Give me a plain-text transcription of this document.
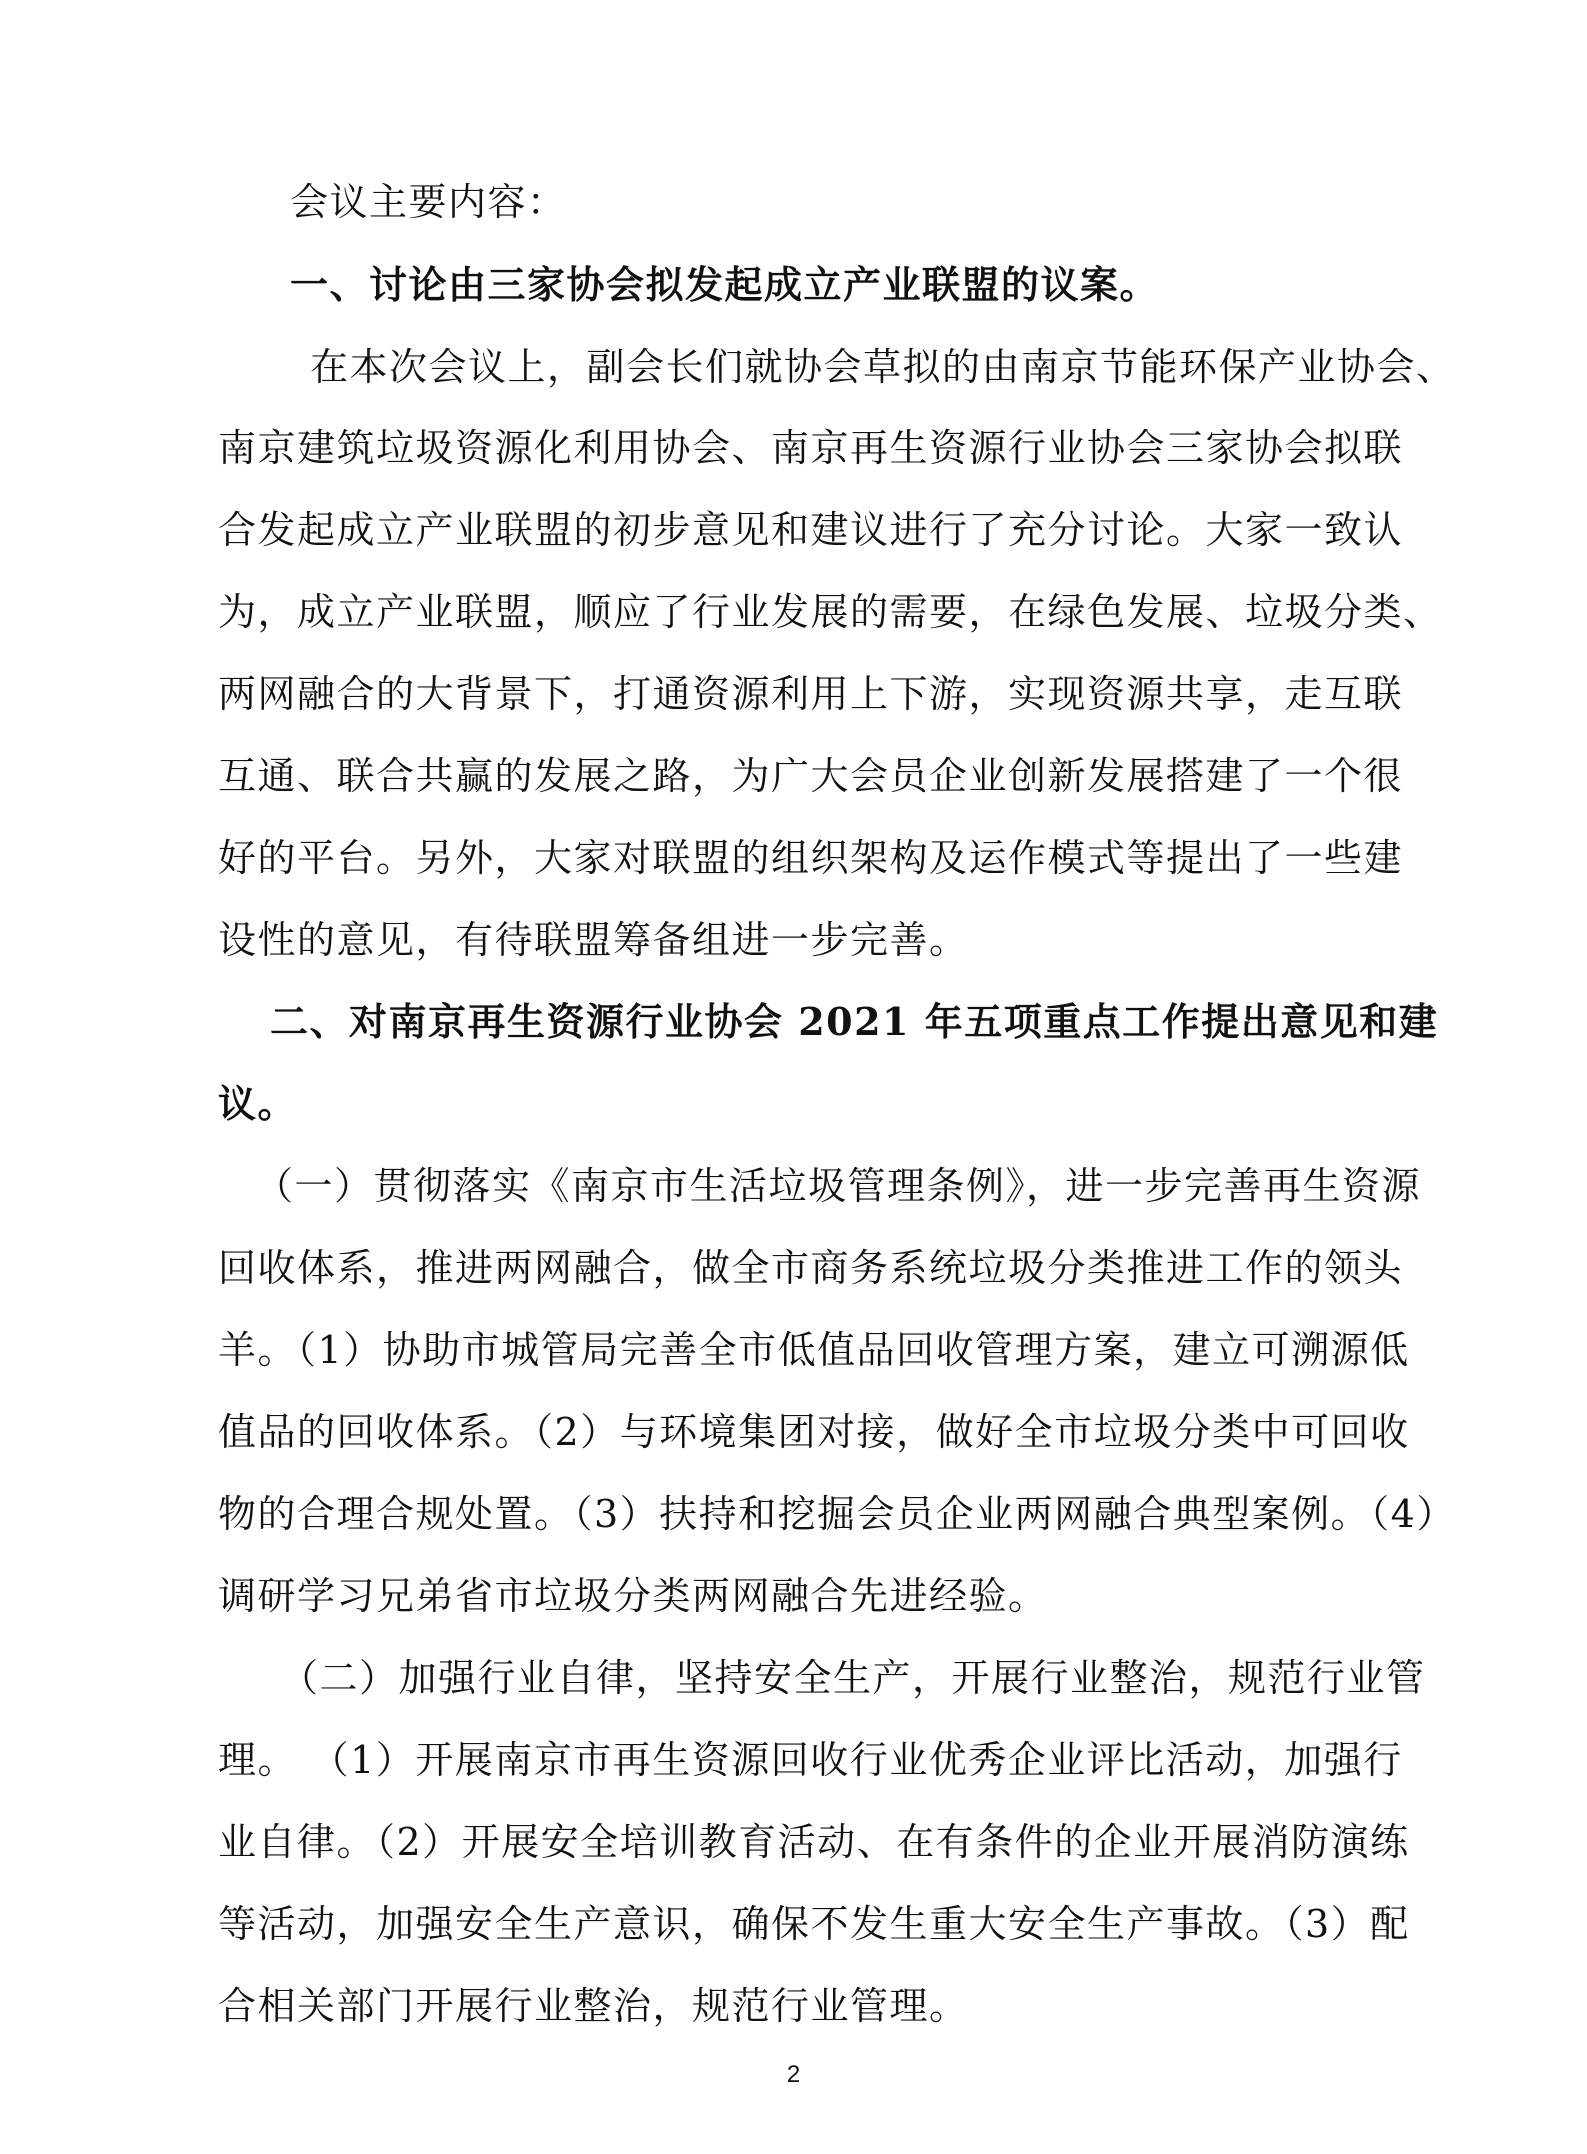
会议主要内容：
一、讨论由三家协会拟发起成立产业联盟的议案。
在本次会议上，副会长们就协会草拟的由南京节能环保产业协会、
南京建筑垃圾资源化利用协会、南京再生资源行业协会三家协会拟联
合发起成立产业联盟的初步意见和建议进行了充分讨论。大家一致认
为，成立产业联盟，顺应了行业发展的需要，在绿色发展、垃圾分类、
两网融合的大背景下，打通资源利用上下游，实现资源共享，走互联
互通、联合共赢的发展之路，为广大会员企业创新发展搭建了一个很
好的平台。另外，大家对联盟的组织架构及运作模式等提出了一些建
设性的意见，有待联盟筹备组进一步完善。
二、对南京再生资源行业协会 2021 年五项重点工作提出意见和建
议。
（一）贯彻落实《南京市生活垃圾管理条例》，进一步完善再生资源
回收体系，推进两网融合，做全市商务系统垃圾分类推进工作的领头
羊。（1）协助市城管局完善全市低值品回收管理方案，建立可溯源低
值品的回收体系。（2）与环境集团对接，做好全市垃圾分类中可回收
物的合理合规处置。（3）扶持和挖掘会员企业两网融合典型案例。（4）
调研学习兄弟省市垃圾分类两网融合先进经验。
（二）加强行业自律，坚持安全生产，开展行业整治，规范行业管
理。 （1）开展南京市再生资源回收行业优秀企业评比活动，加强行
业自律。（2）开展安全培训教育活动、在有条件的企业开展消防演练
等活动，加强安全生产意识，确保不发生重大安全生产事故。（3）配
合相关部门开展行业整治，规范行业管理。
2
